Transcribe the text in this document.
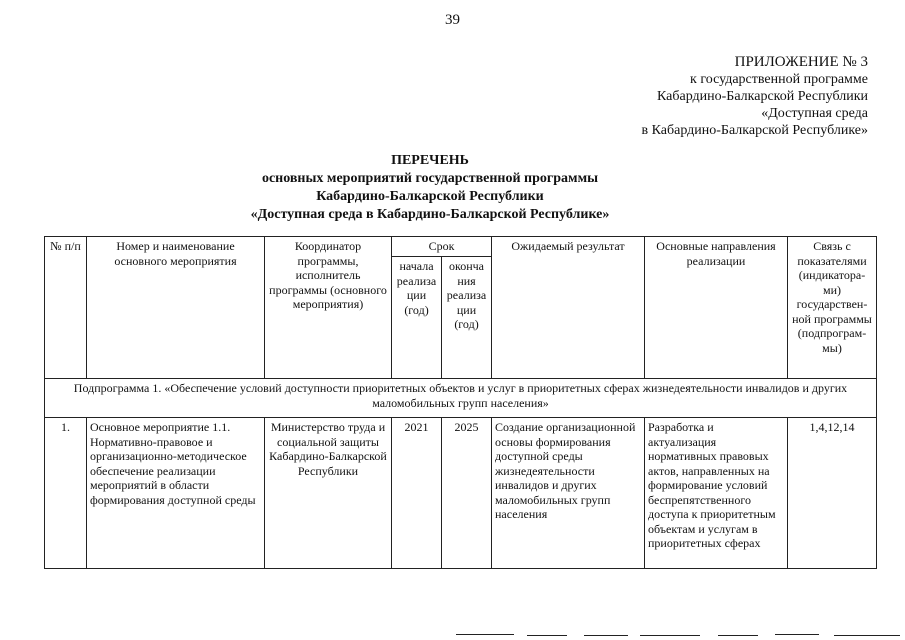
39
ПРИЛОЖЕНИЕ № 3
к государственной программе
Кабардино-Балкарской Республики
«Доступная среда
в Кабардино-Балкарской Республике»
ПЕРЕЧЕНЬ
основных мероприятий государственной программы
Кабардино-Балкарской Республики
«Доступная среда в Кабардино-Балкарской Республике»
№ п/п	Номер и наименование основного мероприятия	Координатор программы, исполнитель программы (основного мероприятия)	Срок		Ожидаемый результат	Основные направления реализации	Связь с показателями (индикатора-ми) государствен-ной программы (подпрограм-мы)
			начала реализа ции (год)	оконча ния реализа ции (год)			
Подпрограмма 1. «Обеспечение условий доступности приоритетных объектов и услуг в приоритетных сферах жизнедеятельности инвалидов и других маломобильных групп населения»							
1.	Основное мероприятие 1.1. Нормативно-правовое и организационно-методическое обеспечение реализации мероприятий в области формирования доступной среды	Министерство труда и социальной защиты Кабардино-Балкарской Республики	2021	2025	Создание организационной основы формирования доступной среды жизнедеятельности инвалидов и других маломобильных групп населения	Разработка и актуализация нормативных правовых актов, направленных на формирование условий беспрепятственного доступа к приоритетным объектам и услугам в приоритетных сферах	1,4,12,14
